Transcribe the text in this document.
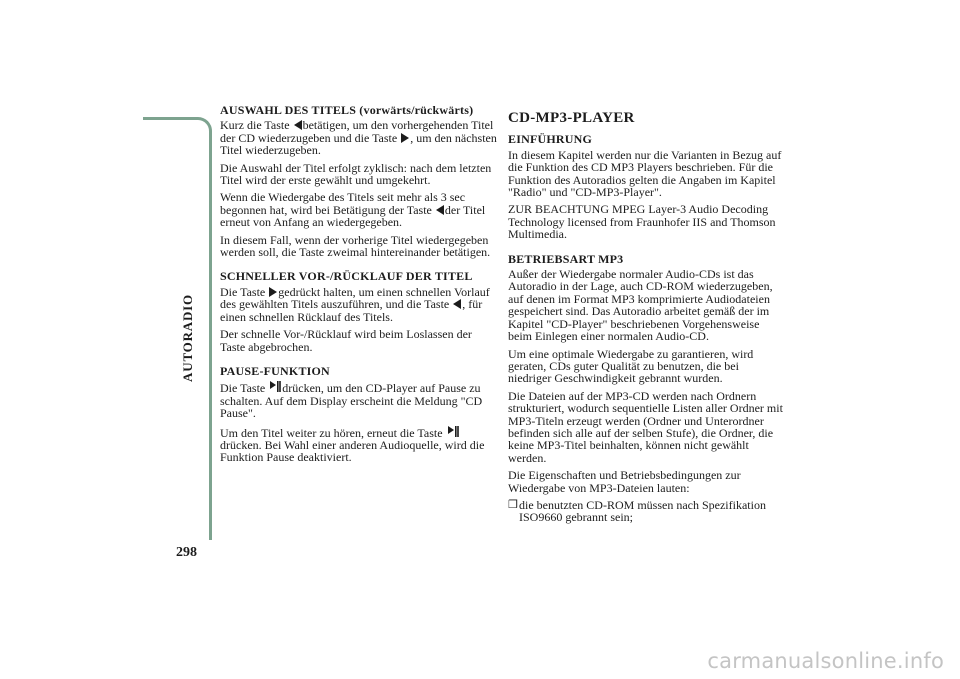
AUTORADIO
298
AUSWAHL DES TITELS (vorwärts/rückwärts)

Kurz die Taste betätigen, um den vorhergehenden Titel der CD wiederzugeben und die Taste , um den nächsten Titel wiederzugeben.

Die Auswahl der Titel erfolgt zyklisch: nach dem letzten Titel wird der erste gewählt und umgekehrt.

Wenn die Wiedergabe des Titels seit mehr als 3 sec begonnen hat, wird bei Betätigung der Taste der Titel erneut von Anfang an wiedergegeben.

In diesem Fall, wenn der vorherige Titel wiedergegeben werden soll, die Taste zweimal hintereinander betätigen.

SCHNELLER VOR-/RÜCKLAUF DER TITEL

Die Taste gedrückt halten, um einen schnellen Vorlauf des gewählten Titels auszuführen, und die Taste , für einen schnellen Rücklauf des Titels.

Der schnelle Vor-/Rücklauf wird beim Loslassen der Taste abgebrochen.

PAUSE-FUNKTION

Die Taste
drücken, um den CD-Player auf Pause zu schalten. Auf dem Display erscheint die Meldung "CD Pause".

Um den Titel weiter zu hören, erneut die Taste
drücken. Bei Wahl einer anderen Audioquelle, wird die Funktion Pause deaktiviert.

CD-MP3-PLAYER
EINFÜHRUNG

In diesem Kapitel werden nur die Varianten in Bezug auf die Funktion des CD MP3 Players beschrieben. Für die Funktion des Autoradios gelten die Angaben im Kapitel "Radio" und "CD-MP3-Player".

ZUR BEACHTUNG MPEG Layer-3 Audio Decoding Technology licensed from Fraunhofer IIS and Thomson Multimedia.

BETRIEBSART MP3

Außer der Wiedergabe normaler Audio-CDs ist das Autoradio in der Lage, auch CD-ROM wiederzugeben, auf denen im Format MP3 komprimierte Audiodateien gespeichert sind. Das Autoradio arbeitet gemäß der im Kapitel "CD-Player" beschriebenen Vorgehensweise beim Einlegen einer normalen Audio-CD.

Um eine optimale Wiedergabe zu garantieren, wird geraten, CDs guter Qualität zu benutzen, die bei niedriger Geschwindigkeit gebrannt wurden.

Die Dateien auf der MP3-CD werden nach Ordnern strukturiert, wodurch sequentielle Listen aller Ordner mit MP3-Titeln erzeugt werden (Ordner und Unterordner befinden sich alle auf der selben Stufe), die Ordner, die keine MP3-Titel beinhalten, können nicht gewählt werden.

Die Eigenschaften und Betriebsbedingungen zur Wiedergabe von MP3-Dateien lauten:

❒ die benutzten CD-ROM müssen nach Spezifikation ISO9660 gebrannt sein;
carmanualsonline.info
